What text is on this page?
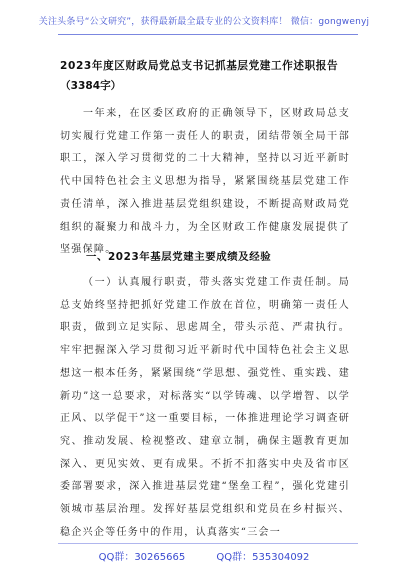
关注头条号“公文研究”，获得最新最全最专业的公文资料库！ 微信：gongwenyj
2023年度区财政局党总支书记抓基层党建工作述职报告
（3384字）
一年来，在区委区政府的正确领导下，区财政局总支切实履行党建工作第一责任人的职责，团结带领全局干部职工，深入学习贯彻党的二十大精神，坚持以习近平新时代中国特色社会主义思想为指导，紧紧围绕基层党建工作责任清单，深入推进基层党组织建设，不断提高财政局党组织的凝聚力和战斗力，为全区财政工作健康发展提供了坚强保障。
一、2023年基层党建主要成绩及经验
（一）认真履行职责，带头落实党建工作责任制。局总支始终坚持把抓好党建工作放在首位，明确第一责任人职责，做到立足实际、思虑周全，带头示范、严肃执行。牢牢把握深入学习贯彻习近平新时代中国特色社会主义思想这一根本任务，紧紧围绕“学思想、强党性、重实践、建新功”这一总要求，对标落实“以学铸魂、以学增智、以学正风、以学促干”这一重要目标，一体推进理论学习调查研究、推动发展、检视整改、建章立制，确保主题教育更加深入、更见实效、更有成果。不折不扣落实中央及省市区委部署要求，深入推进基层党建“堡垒工程”，强化党建引领城市基层治理。发挥好基层党组织和党员在乡村振兴、稳企兴企等任务中的作用，认真落实“三会一
QQ群：30265665	QQ群：535304092
